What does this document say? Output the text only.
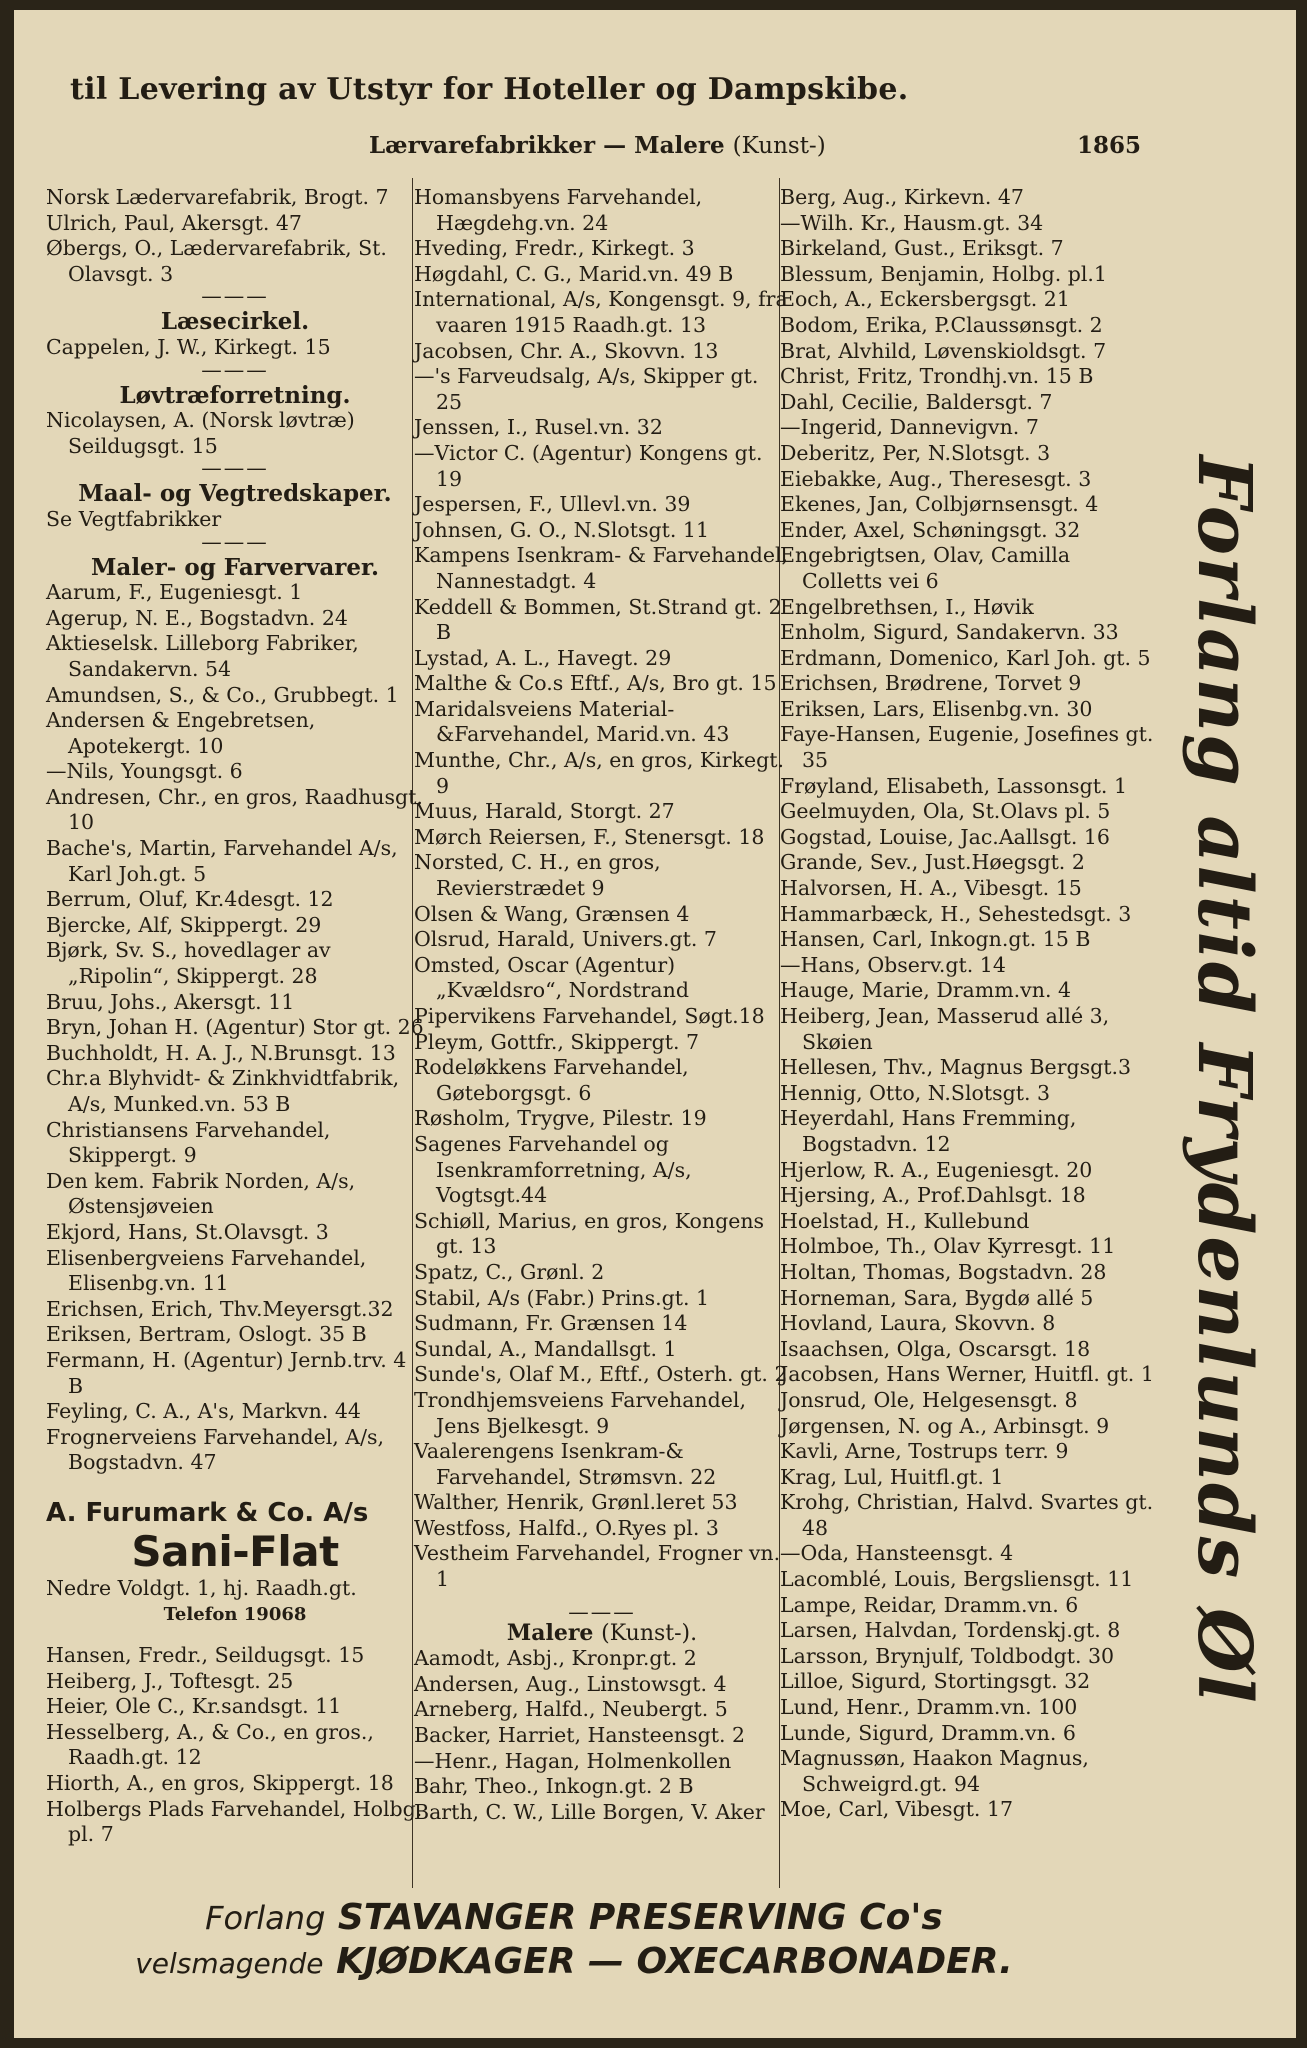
til Levering av Utstyr for Hoteller og Dampskibe.
Lærvarefabrikker — Malere (Kunst-)	1865
Norsk Lædervarefabrik, Brogt. 7
Ulrich, Paul, Akersgt. 47
Øbergs, O., Lædervarefabrik, St. Olavsgt. 3
———
Læsecirkel.
Cappelen, J. W., Kirkegt. 15
———
Løvtræforretning.
Nicolaysen, A. (Norsk løvtræ) Seildugsgt. 15
———
Maal- og Vegtredskaper.
Se Vegtfabrikker
———
Maler- og Farvervarer.
Aarum, F., Eugeniesgt. 1
Agerup, N. E., Bogstadvn. 24
Aktieselsk. Lilleborg Fabriker, Sandakervn. 54
Amundsen, S., & Co., Grubbegt. 1
Andersen & Engebretsen, Apotekergt. 10
—Nils, Youngsgt. 6
Andresen, Chr., en gros, Raadhusgt. 10
Bache's, Martin, Farvehandel A/s, Karl Joh.gt. 5
Berrum, Oluf, Kr.4desgt. 12
Bjercke, Alf, Skippergt. 29
Bjørk, Sv. S., hovedlager av „Ripolin“, Skippergt. 28
Bruu, Johs., Akersgt. 11
Bryn, Johan H. (Agentur) Stor gt. 26
Buchholdt, H. A. J., N.Brunsgt. 13
Chr.a Blyhvidt- & Zinkhvidtfabrik, A/s, Munked.vn. 53 B
Christiansens Farvehandel, Skippergt. 9
Den kem. Fabrik Norden, A/s, Østensjøveien
Ekjord, Hans, St.Olavsgt. 3
Elisenbergveiens Farvehandel, Elisenbg.vn. 11
Erichsen, Erich, Thv.Meyersgt.32
Eriksen, Bertram, Oslogt. 35 B
Fermann, H. (Agentur) Jernb.trv. 4 B
Feyling, C. A., A's, Markvn. 44
Frognerveiens Farvehandel, A/s, Bogstadvn. 47
A. Furumark & Co. A/s
Sani-Flat
Nedre Voldgt. 1, hj. Raadh.gt.
Telefon 19068
Hansen, Fredr., Seildugsgt. 15
Heiberg, J., Toftesgt. 25
Heier, Ole C., Kr.sandsgt. 11
Hesselberg, A., & Co., en gros., Raadh.gt. 12
Hiorth, A., en gros, Skippergt. 18
Holbergs Plads Farvehandel, Holbg. pl. 7
Homansbyens Farvehandel, Hægdehg.vn. 24
Hveding, Fredr., Kirkegt. 3
Høgdahl, C. G., Marid.vn. 49 B
International, A/s, Kongensgt. 9, fra vaaren 1915 Raadh.gt. 13
Jacobsen, Chr. A., Skovvn. 13
—'s Farveudsalg, A/s, Skipper gt. 25
Jenssen, I., Rusel.vn. 32
—Victor C. (Agentur) Kongens gt. 19
Jespersen, F., Ullevl.vn. 39
Johnsen, G. O., N.Slotsgt. 11
Kampens Isenkram- & Farvehandel, Nannestadgt. 4
Keddell & Bommen, St.Strand gt. 2 B
Lystad, A. L., Havegt. 29
Malthe & Co.s Eftf., A/s, Bro gt. 15
Maridalsveiens Material-&Farvehandel, Marid.vn. 43
Munthe, Chr., A/s, en gros, Kirkegt. 9
Muus, Harald, Storgt. 27
Mørch Reiersen, F., Stenersgt. 18
Norsted, C. H., en gros, Revierstrædet 9
Olsen & Wang, Grænsen 4
Olsrud, Harald, Univers.gt. 7
Omsted, Oscar (Agentur) „Kvældsro“, Nordstrand
Pipervikens Farvehandel, Søgt.18
Pleym, Gottfr., Skippergt. 7
Rodeløkkens Farvehandel, Gøteborgsgt. 6
Røsholm, Trygve, Pilestr. 19
Sagenes Farvehandel og Isenkramforretning, A/s, Vogtsgt.44
Schiøll, Marius, en gros, Kongens gt. 13
Spatz, C., Grønl. 2
Stabil, A/s (Fabr.) Prins.gt. 1
Sudmann, Fr. Grænsen 14
Sundal, A., Mandallsgt. 1
Sunde's, Olaf M., Eftf., Osterh. gt. 2
Trondhjemsveiens Farvehandel, Jens Bjelkesgt. 9
Vaalerengens Isenkram-& Farvehandel, Strømsvn. 22
Walther, Henrik, Grønl.leret 53
Westfoss, Halfd., O.Ryes pl. 3
Vestheim Farvehandel, Frogner vn. 1
———
Malere (Kunst-).
Aamodt, Asbj., Kronpr.gt. 2
Andersen, Aug., Linstowsgt. 4
Arneberg, Halfd., Neubergt. 5
Backer, Harriet, Hansteensgt. 2
—Henr., Hagan, Holmenkollen
Bahr, Theo., Inkogn.gt. 2 B
Barth, C. W., Lille Borgen, V. Aker
Berg, Aug., Kirkevn. 47
—Wilh. Kr., Hausm.gt. 34
Birkeland, Gust., Eriksgt. 7
Blessum, Benjamin, Holbg. pl.1
Eoch, A., Eckersbergsgt. 21
Bodom, Erika, P.Claussønsgt. 2
Brat, Alvhild, Løvenskioldsgt. 7
Christ, Fritz, Trondhj.vn. 15 B
Dahl, Cecilie, Baldersgt. 7
—Ingerid, Dannevigvn. 7
Deberitz, Per, N.Slotsgt. 3
Eiebakke, Aug., Theresesgt. 3
Ekenes, Jan, Colbjørnsensgt. 4
Ender, Axel, Schøningsgt. 32
Engebrigtsen, Olav, Camilla Colletts vei 6
Engelbrethsen, I., Høvik
Enholm, Sigurd, Sandakervn. 33
Erdmann, Domenico, Karl Joh. gt. 5
Erichsen, Brødrene, Torvet 9
Eriksen, Lars, Elisenbg.vn. 30
Faye-Hansen, Eugenie, Josefines gt. 35
Frøyland, Elisabeth, Lassonsgt. 1
Geelmuyden, Ola, St.Olavs pl. 5
Gogstad, Louise, Jac.Aallsgt. 16
Grande, Sev., Just.Høegsgt. 2
Halvorsen, H. A., Vibesgt. 15
Hammarbæck, H., Sehestedsgt. 3
Hansen, Carl, Inkogn.gt. 15 B
—Hans, Observ.gt. 14
Hauge, Marie, Dramm.vn. 4
Heiberg, Jean, Masserud allé 3, Skøien
Hellesen, Thv., Magnus Bergsgt.3
Hennig, Otto, N.Slotsgt. 3
Heyerdahl, Hans Fremming, Bogstadvn. 12
Hjerlow, R. A., Eugeniesgt. 20
Hjersing, A., Prof.Dahlsgt. 18
Hoelstad, H., Kullebund
Holmboe, Th., Olav Kyrresgt. 11
Holtan, Thomas, Bogstadvn. 28
Horneman, Sara, Bygdø allé 5
Hovland, Laura, Skovvn. 8
Isaachsen, Olga, Oscarsgt. 18
Jacobsen, Hans Werner, Huitfl. gt. 1
Jonsrud, Ole, Helgesensgt. 8
Jørgensen, N. og A., Arbinsgt. 9
Kavli, Arne, Tostrups terr. 9
Krag, Lul, Huitfl.gt. 1
Krohg, Christian, Halvd. Svartes gt. 48
—Oda, Hansteensgt. 4
Lacomblé, Louis, Bergsliensgt. 11
Lampe, Reidar, Dramm.vn. 6
Larsen, Halvdan, Tordenskj.gt. 8
Larsson, Brynjulf, Toldbodgt. 30
Lilloe, Sigurd, Stortingsgt. 32
Lund, Henr., Dramm.vn. 100
Lunde, Sigurd, Dramm.vn. 6
Magnussøn, Haakon Magnus, Schweigrd.gt. 94
Moe, Carl, Vibesgt. 17
Forlang altid Frydenlunds Øl
Forlang STAVANGER PRESERVING Co's
velsmagende KJØDKAGER — OXECARBONADER.
